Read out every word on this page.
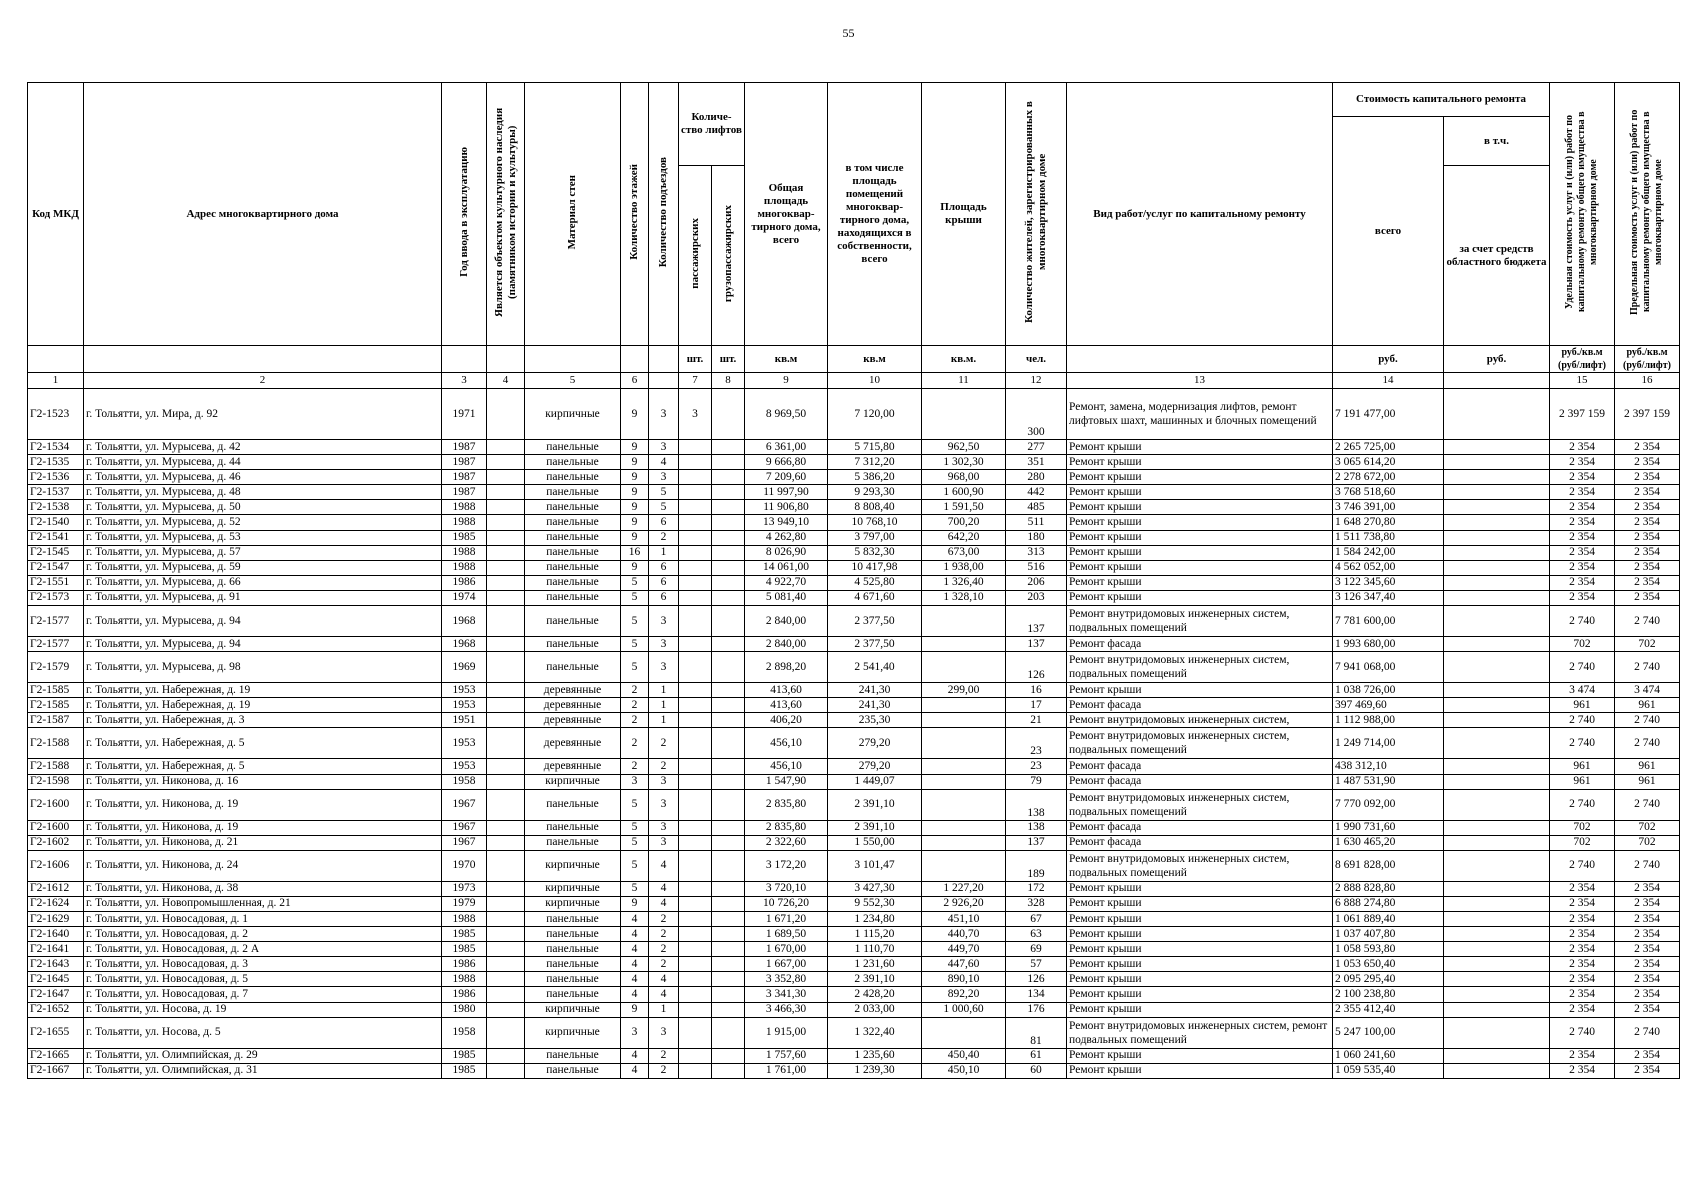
55
Код МКД	Адрес многоквартирного дома	Год ввода в эксплуатацию	Является объектом культурного наследия (памятником истории и культуры)	Материал стен	Количество этажей	Количество подъездов	Количе-ство лифтов		Общая площадь многоквар-тирного дома, всего	в том числе площадь помещений многоквар-тирного дома, находящихся в собственности, всего	Площадь крыши	Количество жителей, зарегистрированных в многоквартирном доме	Вид работ/услуг по капитальному ремонту	Стоимость капитального ремонта		Удельная стоимость услуг и (или) работ по капитальному ремонту общего имущества в многоквартирном доме	Предельная стоимость услуг и (или) работ по капитальному ремонту общего имущества в многоквартирном доме
														всего	в т.ч.		
							пассажирских	грузопассажирских							за счет средств областного бюджета		
							шт.	шт.	кв.м	кв.м	кв.м.	чел.		руб.	руб.	руб./кв.м (руб/лифт)	руб./кв.м (руб/лифт)
1	2	3	4	5	6		7	8	9	10	11	12	13	14		15	16
Г2-1523	г. Тольятти, ул. Мира, д. 92	1971		кирпичные	9	3	3		8 969,50	7 120,00		300	Ремонт, замена, модернизация лифтов, ремонт лифтовых шахт, машинных и блочных помещений	7 191 477,00		2 397 159	2 397 159
Г2-1534	г. Тольятти, ул. Мурысева, д. 42	1987		панельные	9	3			6 361,00	5 715,80	962,50	277	Ремонт крыши	2 265 725,00		2 354	2 354
Г2-1535	г. Тольятти, ул. Мурысева, д. 44	1987		панельные	9	4			9 666,80	7 312,20	1 302,30	351	Ремонт крыши	3 065 614,20		2 354	2 354
Г2-1536	г. Тольятти, ул. Мурысева, д. 46	1987		панельные	9	3			7 209,60	5 386,20	968,00	280	Ремонт крыши	2 278 672,00		2 354	2 354
Г2-1537	г. Тольятти, ул. Мурысева, д. 48	1987		панельные	9	5			11 997,90	9 293,30	1 600,90	442	Ремонт крыши	3 768 518,60		2 354	2 354
Г2-1538	г. Тольятти, ул. Мурысева, д. 50	1988		панельные	9	5			11 906,80	8 808,40	1 591,50	485	Ремонт крыши	3 746 391,00		2 354	2 354
Г2-1540	г. Тольятти, ул. Мурысева, д. 52	1988		панельные	9	6			13 949,10	10 768,10	700,20	511	Ремонт крыши	1 648 270,80		2 354	2 354
Г2-1541	г. Тольятти, ул. Мурысева, д. 53	1985		панельные	9	2			4 262,80	3 797,00	642,20	180	Ремонт крыши	1 511 738,80		2 354	2 354
Г2-1545	г. Тольятти, ул. Мурысева, д. 57	1988		панельные	16	1			8 026,90	5 832,30	673,00	313	Ремонт крыши	1 584 242,00		2 354	2 354
Г2-1547	г. Тольятти, ул. Мурысева, д. 59	1988		панельные	9	6			14 061,00	10 417,98	1 938,00	516	Ремонт крыши	4 562 052,00		2 354	2 354
Г2-1551	г. Тольятти, ул. Мурысева, д. 66	1986		панельные	5	6			4 922,70	4 525,80	1 326,40	206	Ремонт крыши	3 122 345,60		2 354	2 354
Г2-1573	г. Тольятти, ул. Мурысева, д. 91	1974		панельные	5	6			5 081,40	4 671,60	1 328,10	203	Ремонт крыши	3 126 347,40		2 354	2 354
Г2-1577	г. Тольятти, ул. Мурысева, д. 94	1968		панельные	5	3			2 840,00	2 377,50		137	Ремонт внутридомовых инженерных систем, подвальных помещений	7 781 600,00		2 740	2 740
Г2-1577	г. Тольятти, ул. Мурысева, д. 94	1968		панельные	5	3			2 840,00	2 377,50		137	Ремонт фасада	1 993 680,00		702	702
Г2-1579	г. Тольятти, ул. Мурысева, д. 98	1969		панельные	5	3			2 898,20	2 541,40		126	Ремонт внутридомовых инженерных систем, подвальных помещений	7 941 068,00		2 740	2 740
Г2-1585	г. Тольятти, ул. Набережная, д. 19	1953		деревянные	2	1			413,60	241,30	299,00	16	Ремонт крыши	1 038 726,00		3 474	3 474
Г2-1585	г. Тольятти, ул. Набережная, д. 19	1953		деревянные	2	1			413,60	241,30		17	Ремонт фасада	397 469,60		961	961
Г2-1587	г. Тольятти, ул. Набережная, д. 3	1951		деревянные	2	1			406,20	235,30		21	Ремонт внутридомовых инженерных систем,	1 112 988,00		2 740	2 740
Г2-1588	г. Тольятти, ул. Набережная, д. 5	1953		деревянные	2	2			456,10	279,20		23	Ремонт внутридомовых инженерных систем, подвальных помещений	1 249 714,00		2 740	2 740
Г2-1588	г. Тольятти, ул. Набережная, д. 5	1953		деревянные	2	2			456,10	279,20		23	Ремонт фасада	438 312,10		961	961
Г2-1598	г. Тольятти, ул. Никонова, д. 16	1958		кирпичные	3	3			1 547,90	1 449,07		79	Ремонт фасада	1 487 531,90		961	961
Г2-1600	г. Тольятти, ул. Никонова, д. 19	1967		панельные	5	3			2 835,80	2 391,10		138	Ремонт внутридомовых инженерных систем, подвальных помещений	7 770 092,00		2 740	2 740
Г2-1600	г. Тольятти, ул. Никонова, д. 19	1967		панельные	5	3			2 835,80	2 391,10		138	Ремонт фасада	1 990 731,60		702	702
Г2-1602	г. Тольятти, ул. Никонова, д. 21	1967		панельные	5	3			2 322,60	1 550,00		137	Ремонт фасада	1 630 465,20		702	702
Г2-1606	г. Тольятти, ул. Никонова, д. 24	1970		кирпичные	5	4			3 172,20	3 101,47		189	Ремонт внутридомовых инженерных систем, подвальных помещений	8 691 828,00		2 740	2 740
Г2-1612	г. Тольятти, ул. Никонова, д. 38	1973		кирпичные	5	4			3 720,10	3 427,30	1 227,20	172	Ремонт крыши	2 888 828,80		2 354	2 354
Г2-1624	г. Тольятти, ул. Новопромышленная, д. 21	1979		кирпичные	9	4			10 726,20	9 552,30	2 926,20	328	Ремонт крыши	6 888 274,80		2 354	2 354
Г2-1629	г. Тольятти, ул. Новосадовая, д. 1	1988		панельные	4	2			1 671,20	1 234,80	451,10	67	Ремонт крыши	1 061 889,40		2 354	2 354
Г2-1640	г. Тольятти, ул. Новосадовая, д. 2	1985		панельные	4	2			1 689,50	1 115,20	440,70	63	Ремонт крыши	1 037 407,80		2 354	2 354
Г2-1641	г. Тольятти, ул. Новосадовая, д. 2 А	1985		панельные	4	2			1 670,00	1 110,70	449,70	69	Ремонт крыши	1 058 593,80		2 354	2 354
Г2-1643	г. Тольятти, ул. Новосадовая, д. 3	1986		панельные	4	2			1 667,00	1 231,60	447,60	57	Ремонт крыши	1 053 650,40		2 354	2 354
Г2-1645	г. Тольятти, ул. Новосадовая, д. 5	1988		панельные	4	4			3 352,80	2 391,10	890,10	126	Ремонт крыши	2 095 295,40		2 354	2 354
Г2-1647	г. Тольятти, ул. Новосадовая, д. 7	1986		панельные	4	4			3 341,30	2 428,20	892,20	134	Ремонт крыши	2 100 238,80		2 354	2 354
Г2-1652	г. Тольятти, ул. Носова, д. 19	1980		кирпичные	9	1			3 466,30	2 033,00	1 000,60	176	Ремонт крыши	2 355 412,40		2 354	2 354
Г2-1655	г. Тольятти, ул. Носова, д. 5	1958		кирпичные	3	3			1 915,00	1 322,40		81	Ремонт внутридомовых инженерных систем, ремонт подвальных помещений	5 247 100,00		2 740	2 740
Г2-1665	г. Тольятти, ул. Олимпийская, д. 29	1985		панельные	4	2			1 757,60	1 235,60	450,40	61	Ремонт крыши	1 060 241,60		2 354	2 354
Г2-1667	г. Тольятти, ул. Олимпийская, д. 31	1985		панельные	4	2			1 761,00	1 239,30	450,10	60	Ремонт крыши	1 059 535,40		2 354	2 354
